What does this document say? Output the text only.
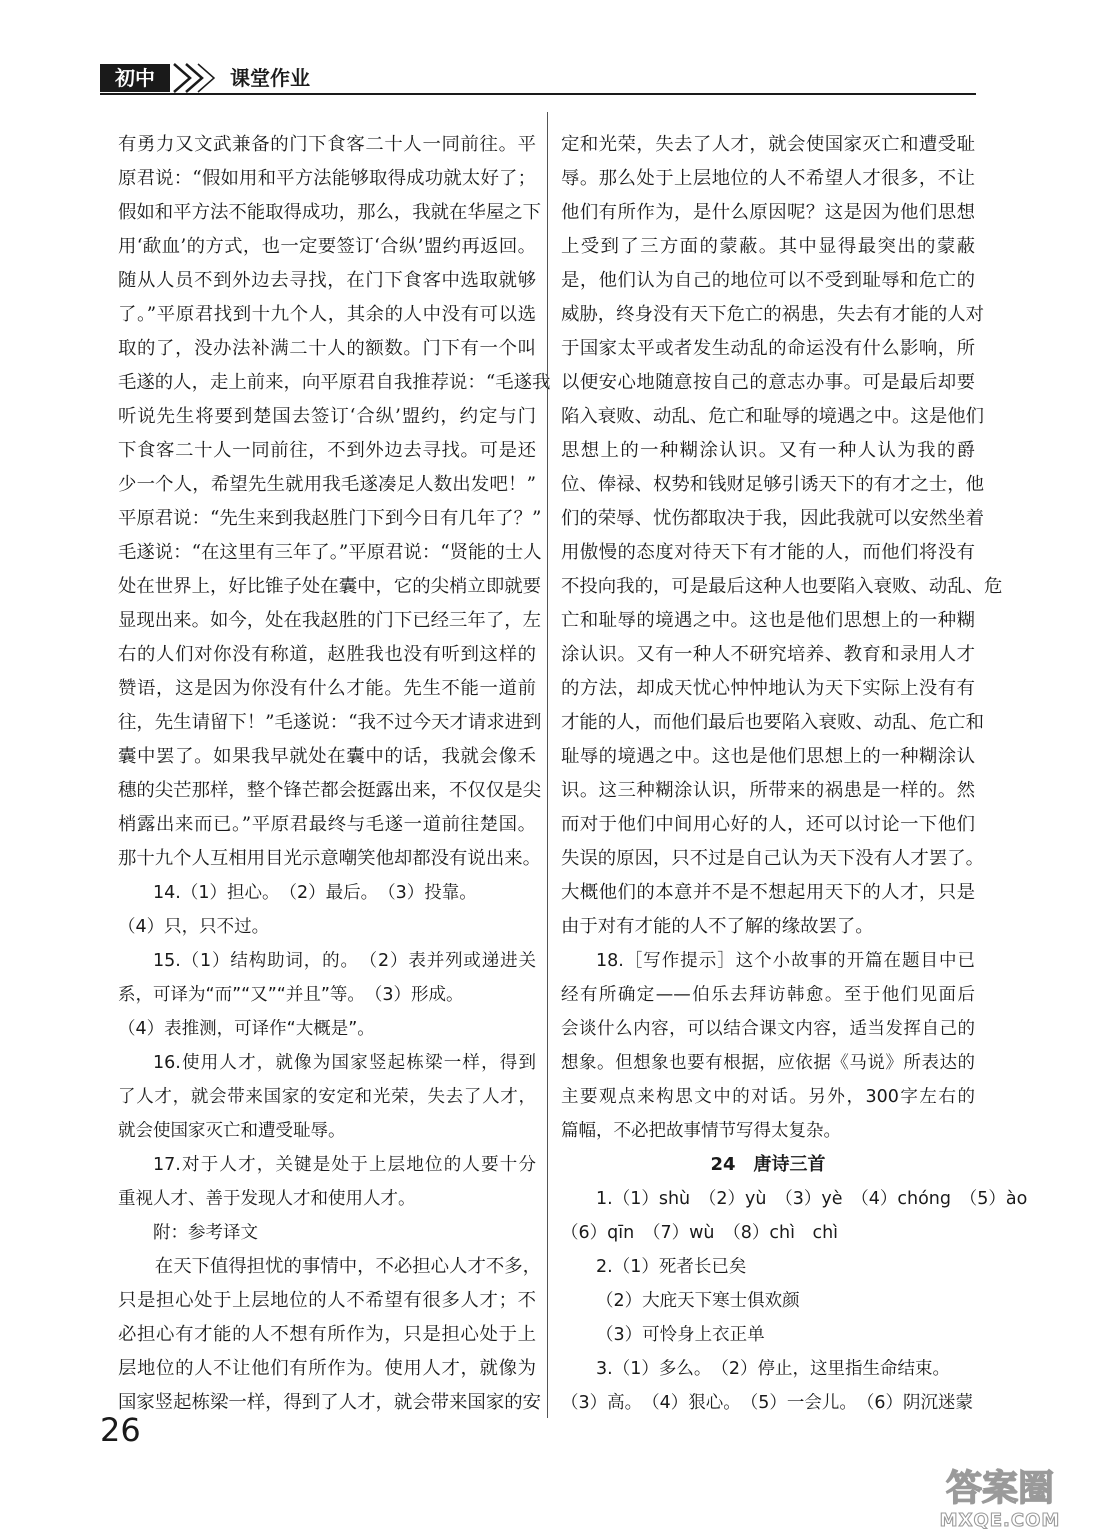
初中	课堂作业
有勇力又文武兼备的门下食客二十人一同前往。平
原君说：“假如用和平方法能够取得成功就太好了；
假如和平方法不能取得成功，那么，我就在华屋之下
用‘歃血’的方式，也一定要签订‘合纵’盟约再返回。
随从人员不到外边去寻找，在门下食客中选取就够
了。”平原君找到十九个人，其余的人中没有可以选
取的了，没办法补满二十人的额数。门下有一个叫
毛遂的人，走上前来，向平原君自我推荐说：“毛遂我
听说先生将要到楚国去签订‘合纵’盟约，约定与门
下食客二十人一同前往，不到外边去寻找。可是还
少一个人，希望先生就用我毛遂凑足人数出发吧！”
平原君说：“先生来到我赵胜门下到今日有几年了？”
毛遂说：“在这里有三年了。”平原君说：“贤能的士人
处在世界上，好比锥子处在囊中，它的尖梢立即就要
显现出来。如今，处在我赵胜的门下已经三年了，左
右的人们对你没有称道，赵胜我也没有听到这样的
赞语，这是因为你没有什么才能。先生不能一道前
往，先生请留下！”毛遂说：“我不过今天才请求进到
囊中罢了。如果我早就处在囊中的话，我就会像禾
穗的尖芒那样，整个锋芒都会挺露出来，不仅仅是尖
梢露出来而已。”平原君最终与毛遂一道前往楚国。
那十九个人互相用目光示意嘲笑他却都没有说出来。
14.（1）担心。　（2）最后。　（3）投靠。
（4）只，只不过。
15.（1）结构助词，的。　（2）表并列或递进关
系，可译为“而”“又”“并且”等。　（3）形成。
（4）表推测，可译作“大概是”。
16.使用人才，就像为国家竖起栋梁一样，得到
了人才，就会带来国家的安定和光荣，失去了人才，
就会使国家灭亡和遭受耻辱。
17.对于人才，关键是处于上层地位的人要十分
重视人才、善于发现人才和使用人才。
附：参考译文
在天下值得担忧的事情中，不必担心人才不多，
只是担心处于上层地位的人不希望有很多人才；不
必担心有才能的人不想有所作为，只是担心处于上
层地位的人不让他们有所作为。使用人才，就像为
国家竖起栋梁一样，得到了人才，就会带来国家的安
定和光荣，失去了人才，就会使国家灭亡和遭受耻
辱。那么处于上层地位的人不希望人才很多，不让
他们有所作为，是什么原因呢？这是因为他们思想
上受到了三方面的蒙蔽。其中显得最突出的蒙蔽
是，他们认为自己的地位可以不受到耻辱和危亡的
威胁，终身没有天下危亡的祸患，失去有才能的人对
于国家太平或者发生动乱的命运没有什么影响，所
以便安心地随意按自己的意志办事。可是最后却要
陷入衰败、动乱、危亡和耻辱的境遇之中。这是他们
思想上的一种糊涂认识。又有一种人认为我的爵
位、俸禄、权势和钱财足够引诱天下的有才之士，他
们的荣辱、忧伤都取决于我，因此我就可以安然坐着
用傲慢的态度对待天下有才能的人，而他们将没有
不投向我的，可是最后这种人也要陷入衰败、动乱、危
亡和耻辱的境遇之中。这也是他们思想上的一种糊
涂认识。又有一种人不研究培养、教育和录用人才
的方法，却成天忧心忡忡地认为天下实际上没有有
才能的人，而他们最后也要陷入衰败、动乱、危亡和
耻辱的境遇之中。这也是他们思想上的一种糊涂认
识。这三种糊涂认识，所带来的祸患是一样的。然
而对于他们中间用心好的人，还可以讨论一下他们
失误的原因，只不过是自己认为天下没有人才罢了。
大概他们的本意并不是不想起用天下的人才，只是
由于对有才能的人不了解的缘故罢了。
18.［写作提示］这个小故事的开篇在题目中已
经有所确定——伯乐去拜访韩愈。至于他们见面后
会谈什么内容，可以结合课文内容，适当发挥自己的
想象。但想象也要有根据，应依据《马说》所表达的
主要观点来构思文中的对话。另外，300字左右的
篇幅，不必把故事情节写得太复杂。
24　唐诗三首
1.（1）shù　（2）yù　（3）yè　（4）chóng　（5）ào
（6）qīn　（7）wù　（8）chì　chì
2.（1）死者长已矣
（2）大庇天下寒士俱欢颜
（3）可怜身上衣正单
3.（1）多么。　（2）停止，这里指生命结束。
（3）高。　（4）狠心。　（5）一会儿。　（6）阴沉迷蒙
26
答案圈
MXQE.COM
